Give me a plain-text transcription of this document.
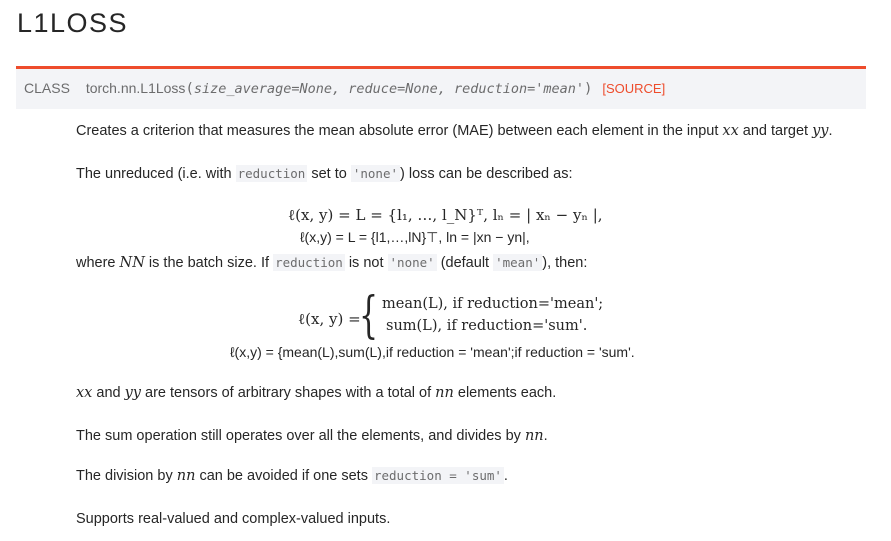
L1LOSS
CLASS torch.nn.L1Loss(size_average=None, reduce=None, reduction='mean') [SOURCE]
Creates a criterion that measures the mean absolute error (MAE) between each element in the input xx and target yy.
The unreduced (i.e. with reduction set to 'none' ) loss can be described as:
ℓ(x, y) = L = {l₁, …, l_N}ᵀ, lₙ = | xₙ − yₙ |,
ℓ(x,y) = L = {l1,…,lN}⊤, ln = |xn − yn|,
where NN is the batch size. If reduction is not 'none' (default 'mean' ), then:
ℓ(x, y) =
{ mean(L), if reduction='mean';
sum(L), if reduction='sum'.
ℓ(x,y) = {mean(L),sum(L),if reduction = 'mean';if reduction = 'sum'.
xx and yy are tensors of arbitrary shapes with a total of nn elements each.
The sum operation still operates over all the elements, and divides by nn.
The division by nn can be avoided if one sets reduction = 'sum' .
Supports real-valued and complex-valued inputs.
